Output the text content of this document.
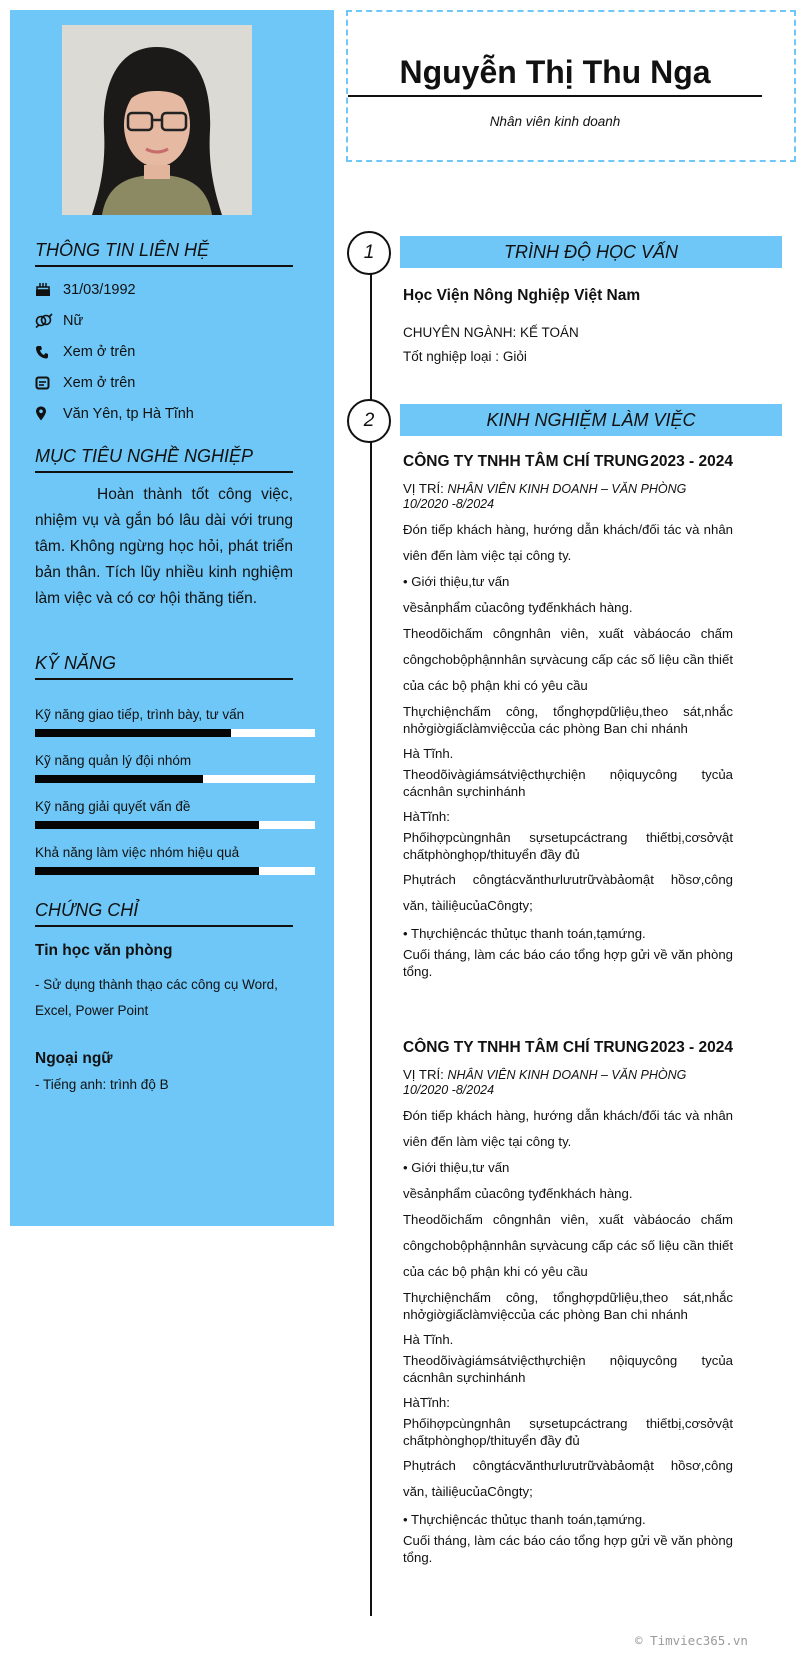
THÔNG TIN LIÊN HỆ
31/03/1992
Nữ
Xem ở trên
Xem ở trên
Văn Yên, tp Hà Tĩnh
MỤC TIÊU NGHỀ NGHIỆP
Hoàn thành tốt công việc, nhiệm vụ và gắn bó lâu dài với trung tâm. Không ngừng học hỏi, phát triển bản thân. Tích lũy nhiều kinh nghiệm làm việc và có cơ hội thăng tiến.
KỸ NĂNG
Kỹ năng giao tiếp, trình bày, tư vấn
Kỹ năng quản lý đội nhóm
Kỹ năng giải quyết vấn đề
Khả năng làm việc nhóm hiệu quả
CHỨNG CHỈ
Tin học văn phòng
- Sử dụng thành thạo các công cụ Word, Excel, Power Point
Ngoại ngữ
- Tiếng anh: trình độ B
Nguyễn Thị Thu Nga
Nhân viên kinh doanh
1	TRÌNH ĐỘ HỌC VẤN
Học Viện Nông Nghiệp Việt Nam
CHUYÊN NGÀNH: KẾ TOÁN
Tốt nghiệp loại : Giỏi
2	KINH NGHIỆM LÀM VIỆC
CÔNG TY TNHH TÂM CHÍ TRUNG 2023 - 2024
VỊ TRÍ: NHÂN VIÊN KINH DOANH – VĂN PHÒNG 10/2020 -8/2024

Đón tiếp khách hàng, hướng dẫn khách/đối tác và nhân viên đến làm việc tại công ty.

• Giới thiệu,tư vấn

vềsảnphẩm củacông tyđếnkhách hàng.

Theodõichấm côngnhân viên, xuất vàbáocáo chấm côngchobộphậnnhân sựvàcung cấp các số liệu cần thiết của các bộ phận khi có yêu cầu

Thựchiệnchấm công, tổnghợpdữliệu,theo sát,nhắc nhởgiờgiấclàmviệccủa các phòng Ban chi nhánh

Hà Tĩnh.

Theodõivàgiámsátviệcthựchiện nộiquycông tycủa cácnhân sựchinhánh

HàTĩnh:

Phốihợpcùngnhân sựsetupcáctrang thiếtbị,cơsởvật chấtphònghọp/thituyển đầy đủ

Phụtrách côngtácvănthưlưutrữvàbảomật hồsơ,công văn, tàiliệucủaCôngty;

• Thựchiệncác thủtục thanh toán,tạmứng.

Cuối tháng, làm các báo cáo tổng hợp gửi về văn phòng tổng.

CÔNG TY TNHH TÂM CHÍ TRUNG 2023 - 2024
VỊ TRÍ: NHÂN VIÊN KINH DOANH – VĂN PHÒNG 10/2020 -8/2024

Đón tiếp khách hàng, hướng dẫn khách/đối tác và nhân viên đến làm việc tại công ty.

• Giới thiệu,tư vấn

vềsảnphẩm củacông tyđếnkhách hàng.

Theodõichấm côngnhân viên, xuất vàbáocáo chấm côngchobộphậnnhân sựvàcung cấp các số liệu cần thiết của các bộ phận khi có yêu cầu

Thựchiệnchấm công, tổnghợpdữliệu,theo sát,nhắc nhởgiờgiấclàmviệccủa các phòng Ban chi nhánh

Hà Tĩnh.

Theodõivàgiámsátviệcthựchiện nộiquycông tycủa cácnhân sựchinhánh

HàTĩnh:

Phốihợpcùngnhân sựsetupcáctrang thiếtbị,cơsởvật chấtphònghọp/thituyển đầy đủ

Phụtrách côngtácvănthưlưutrữvàbảomật hồsơ,công văn, tàiliệucủaCôngty;

• Thựchiệncác thủtục thanh toán,tạmứng.

Cuối tháng, làm các báo cáo tổng hợp gửi về văn phòng tổng.

© Timviec365.vn
